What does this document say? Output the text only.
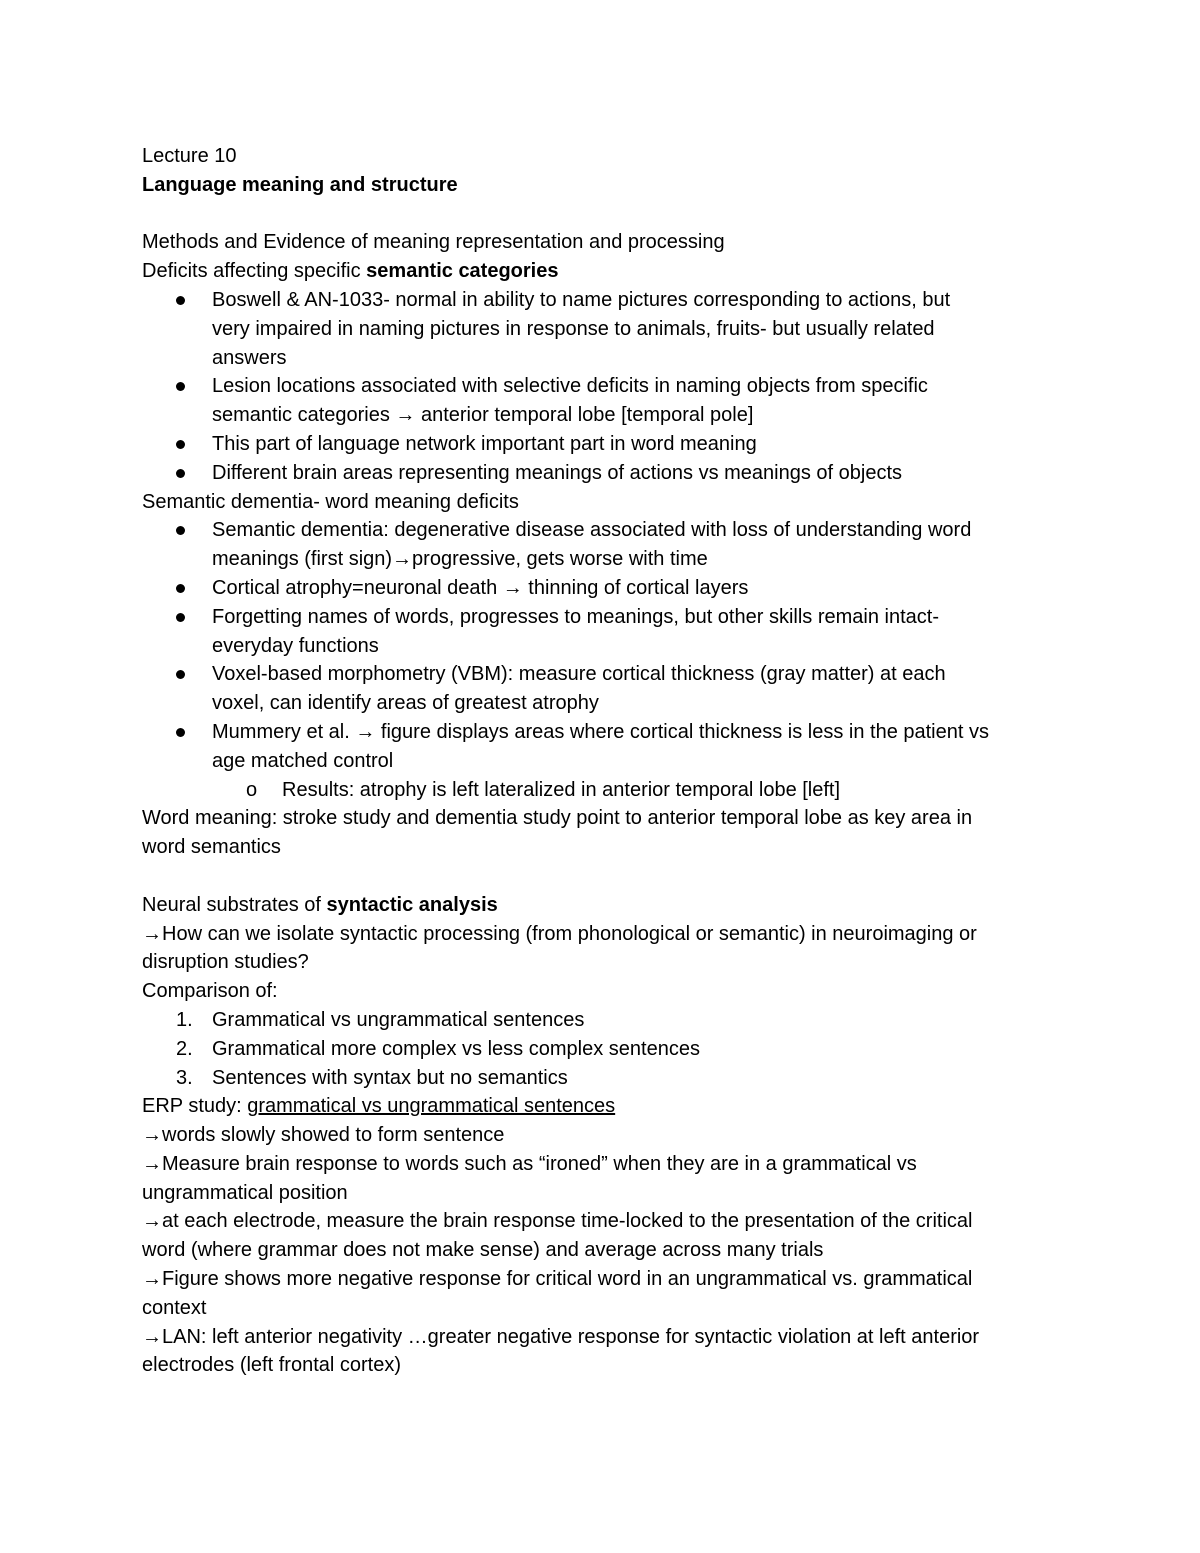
Lecture 10

Language meaning and structure

Methods and Evidence of meaning representation and processing

Deficits affecting specific semantic categories

Boswell & AN-1033- normal in ability to name pictures corresponding to actions, but
very impaired in naming pictures in response to animals, fruits- but usually related
answers
Lesion locations associated with selective deficits in naming objects from specific
semantic categories → anterior temporal lobe [temporal pole]
This part of language network important part in word meaning
Different brain areas representing meanings of actions vs meanings of objects

Semantic dementia- word meaning deficits

Semantic dementia: degenerative disease associated with loss of understanding word
meanings (first sign)→progressive, gets worse with time
Cortical atrophy=neuronal death → thinning of cortical layers
Forgetting names of words, progresses to meanings, but other skills remain intact-
everyday functions
Voxel-based morphometry (VBM): measure cortical thickness (gray matter) at each
voxel, can identify areas of greatest atrophy
Mummery et al. → figure displays areas where cortical thickness is less in the patient vs
age matched control
o Results: atrophy is left lateralized in anterior temporal lobe [left]

Word meaning: stroke study and dementia study point to anterior temporal lobe as key area in

word semantics

Neural substrates of syntactic analysis

→How can we isolate syntactic processing (from phonological or semantic) in neuroimaging or

disruption studies?

Comparison of:

1. Grammatical vs ungrammatical sentences
2. Grammatical more complex vs less complex sentences
3. Sentences with syntax but no semantics

ERP study: grammatical vs ungrammatical sentences

→words slowly showed to form sentence

→Measure brain response to words such as “ironed” when they are in a grammatical vs

ungrammatical position

→at each electrode, measure the brain response time-locked to the presentation of the critical

word (where grammar does not make sense) and average across many trials

→Figure shows more negative response for critical word in an ungrammatical vs. grammatical

context

→LAN: left anterior negativity …greater negative response for syntactic violation at left anterior

electrodes (left frontal cortex)
